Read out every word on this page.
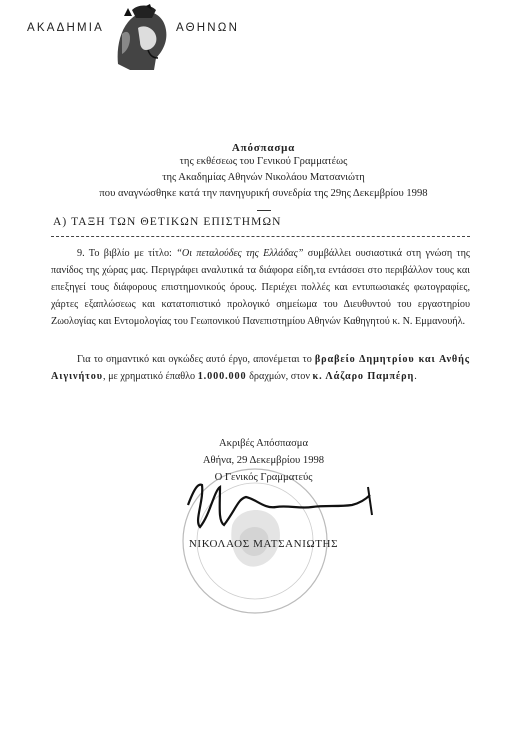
ΑΚΑΔΗΜΙΑ	ΑΘΗΝΩΝ
Απόσπασμα
της εκθέσεως του Γενικού Γραμματέως
της Ακαδημίας Αθηνών Νικολάου Ματσανιώτη
που αναγνώσθηκε κατά την πανηγυρική συνεδρία της 29ης Δεκεμβρίου 1998
Α) ΤΑΞΗ ΤΩΝ ΘΕΤΙΚΩΝ ΕΠΙΣΤΗΜΩΝ
9. Το βιβλίο με τίτλο: “Οι πεταλούδες της Ελλάδας” συμβάλλει ουσιαστικά στη γνώση της πανίδος της χώρας μας. Περιγράφει αναλυτικά τα διάφορα είδη,τα εντάσσει στο περιβάλλον τους και επεξηγεί τους διάφορους επιστημονικούς όρους. Περιέχει πολλές και εντυπωσιακές φωτογραφίες, χάρτες εξαπλώσεως και κατατοπιστικό προλογικό σημείωμα του Διευθυντού του εργαστηρίου Ζωολογίας και Εντομολογίας του Γεωπονικού Πανεπιστημίου Αθηνών Καθηγητού κ. Ν. Εμμανουήλ.
Για το σημαντικό και ογκώδες αυτό έργο, απονέμεται το βραβείο Δημητρίου και Ανθής Αιγινήτου, με χρηματικό έπαθλο 1.000.000 δραχμών, στον κ. Λάζαρο Παμπέρη.
Ακριβές Απόσπασμα
Αθήνα, 29 Δεκεμβρίου 1998
Ο Γενικός Γραμματεύς
ΝΙΚΟΛΑΟΣ ΜΑΤΣΑΝΙΩΤΗΣ
